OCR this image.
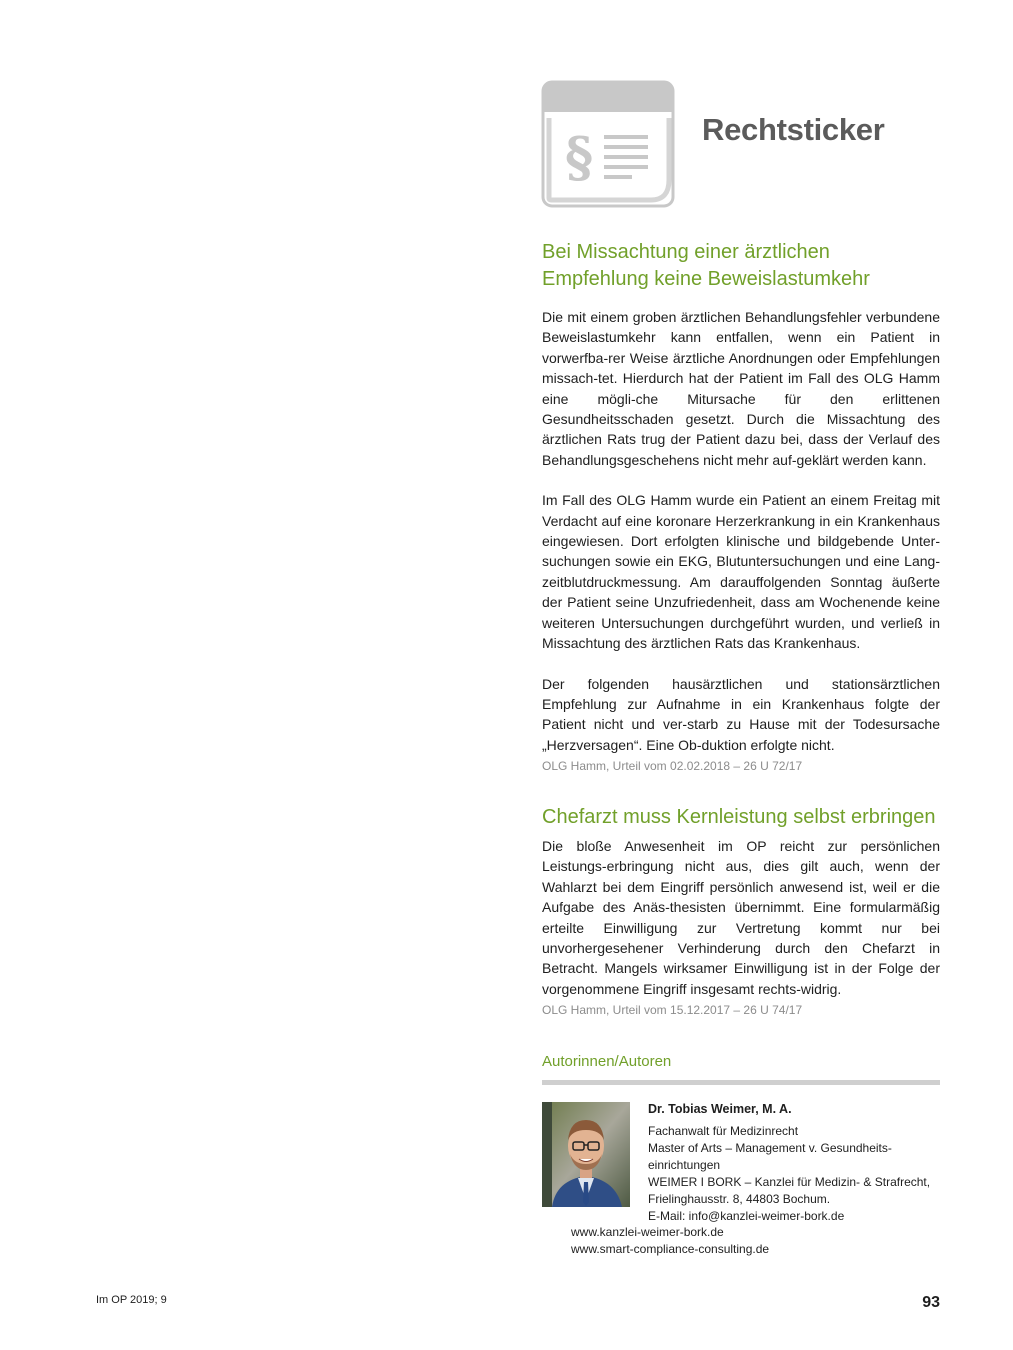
§	Rechtsticker
Bei Missachtung einer ärztlichen
Empfehlung keine Beweislastumkehr

Die mit einem groben ärztlichen Behandlungsfehler verbundene Beweislastumkehr kann entfallen, wenn ein Patient in vorwerfba-rer Weise ärztliche Anordnungen oder Empfehlungen missach-tet. Hierdurch hat der Patient im Fall des OLG Hamm eine mögli-che Mitursache für den erlittenen Gesundheitsschaden gesetzt. Durch die Missachtung des ärztlichen Rats trug der Patient dazu bei, dass der Verlauf des Behandlungsgeschehens nicht mehr auf-geklärt werden kann.

Im Fall des OLG Hamm wurde ein Patient an einem Freitag mit Verdacht auf eine koronare Herzerkrankung in ein Krankenhaus eingewiesen. Dort erfolgten klinische und bildgebende Unter-suchungen sowie ein EKG, Blutuntersuchungen und eine Lang-zeitblutdruckmessung. Am darauffolgenden Sonntag äußerte der Patient seine Unzufriedenheit, dass am Wochenende keine weiteren Untersuchungen durchgeführt wurden, und verließ in Missachtung des ärztlichen Rats das Krankenhaus.

Der folgenden hausärztlichen und stationsärztlichen Empfehlung zur Aufnahme in ein Krankenhaus folgte der Patient nicht und ver-starb zu Hause mit der Todesursache „Herzversagen“. Eine Ob-duktion erfolgte nicht.

OLG Hamm, Urteil vom 02.02.2018 – 26 U 72/17

Chefarzt muss Kernleistung selbst erbringen

Die bloße Anwesenheit im OP reicht zur persönlichen Leistungs-erbringung nicht aus, dies gilt auch, wenn der Wahlarzt bei dem Eingriff persönlich anwesend ist, weil er die Aufgabe des Anäs-thesisten übernimmt. Eine formularmäßig erteilte Einwilligung zur Vertretung kommt nur bei unvorhergesehener Verhinderung durch den Chefarzt in Betracht. Mangels wirksamer Einwilligung ist in der Folge der vorgenommene Eingriff insgesamt rechts-widrig.

OLG Hamm, Urteil vom 15.12.2017 – 26 U 74/17

Autorinnen/Autoren
Dr. Tobias Weimer, M. A.
Fachanwalt für Medizinrecht
Master of Arts – Management v. Gesundheits-
einrichtungen
WEIMER I BORK – Kanzlei für Medizin- & Strafrecht,
Frielinghausstr. 8, 44803 Bochum.
E-Mail: info@kanzlei-weimer-bork.de
www.kanzlei-weimer-bork.de
www.smart-compliance-consulting.de
Im OP 2019; 9	93
